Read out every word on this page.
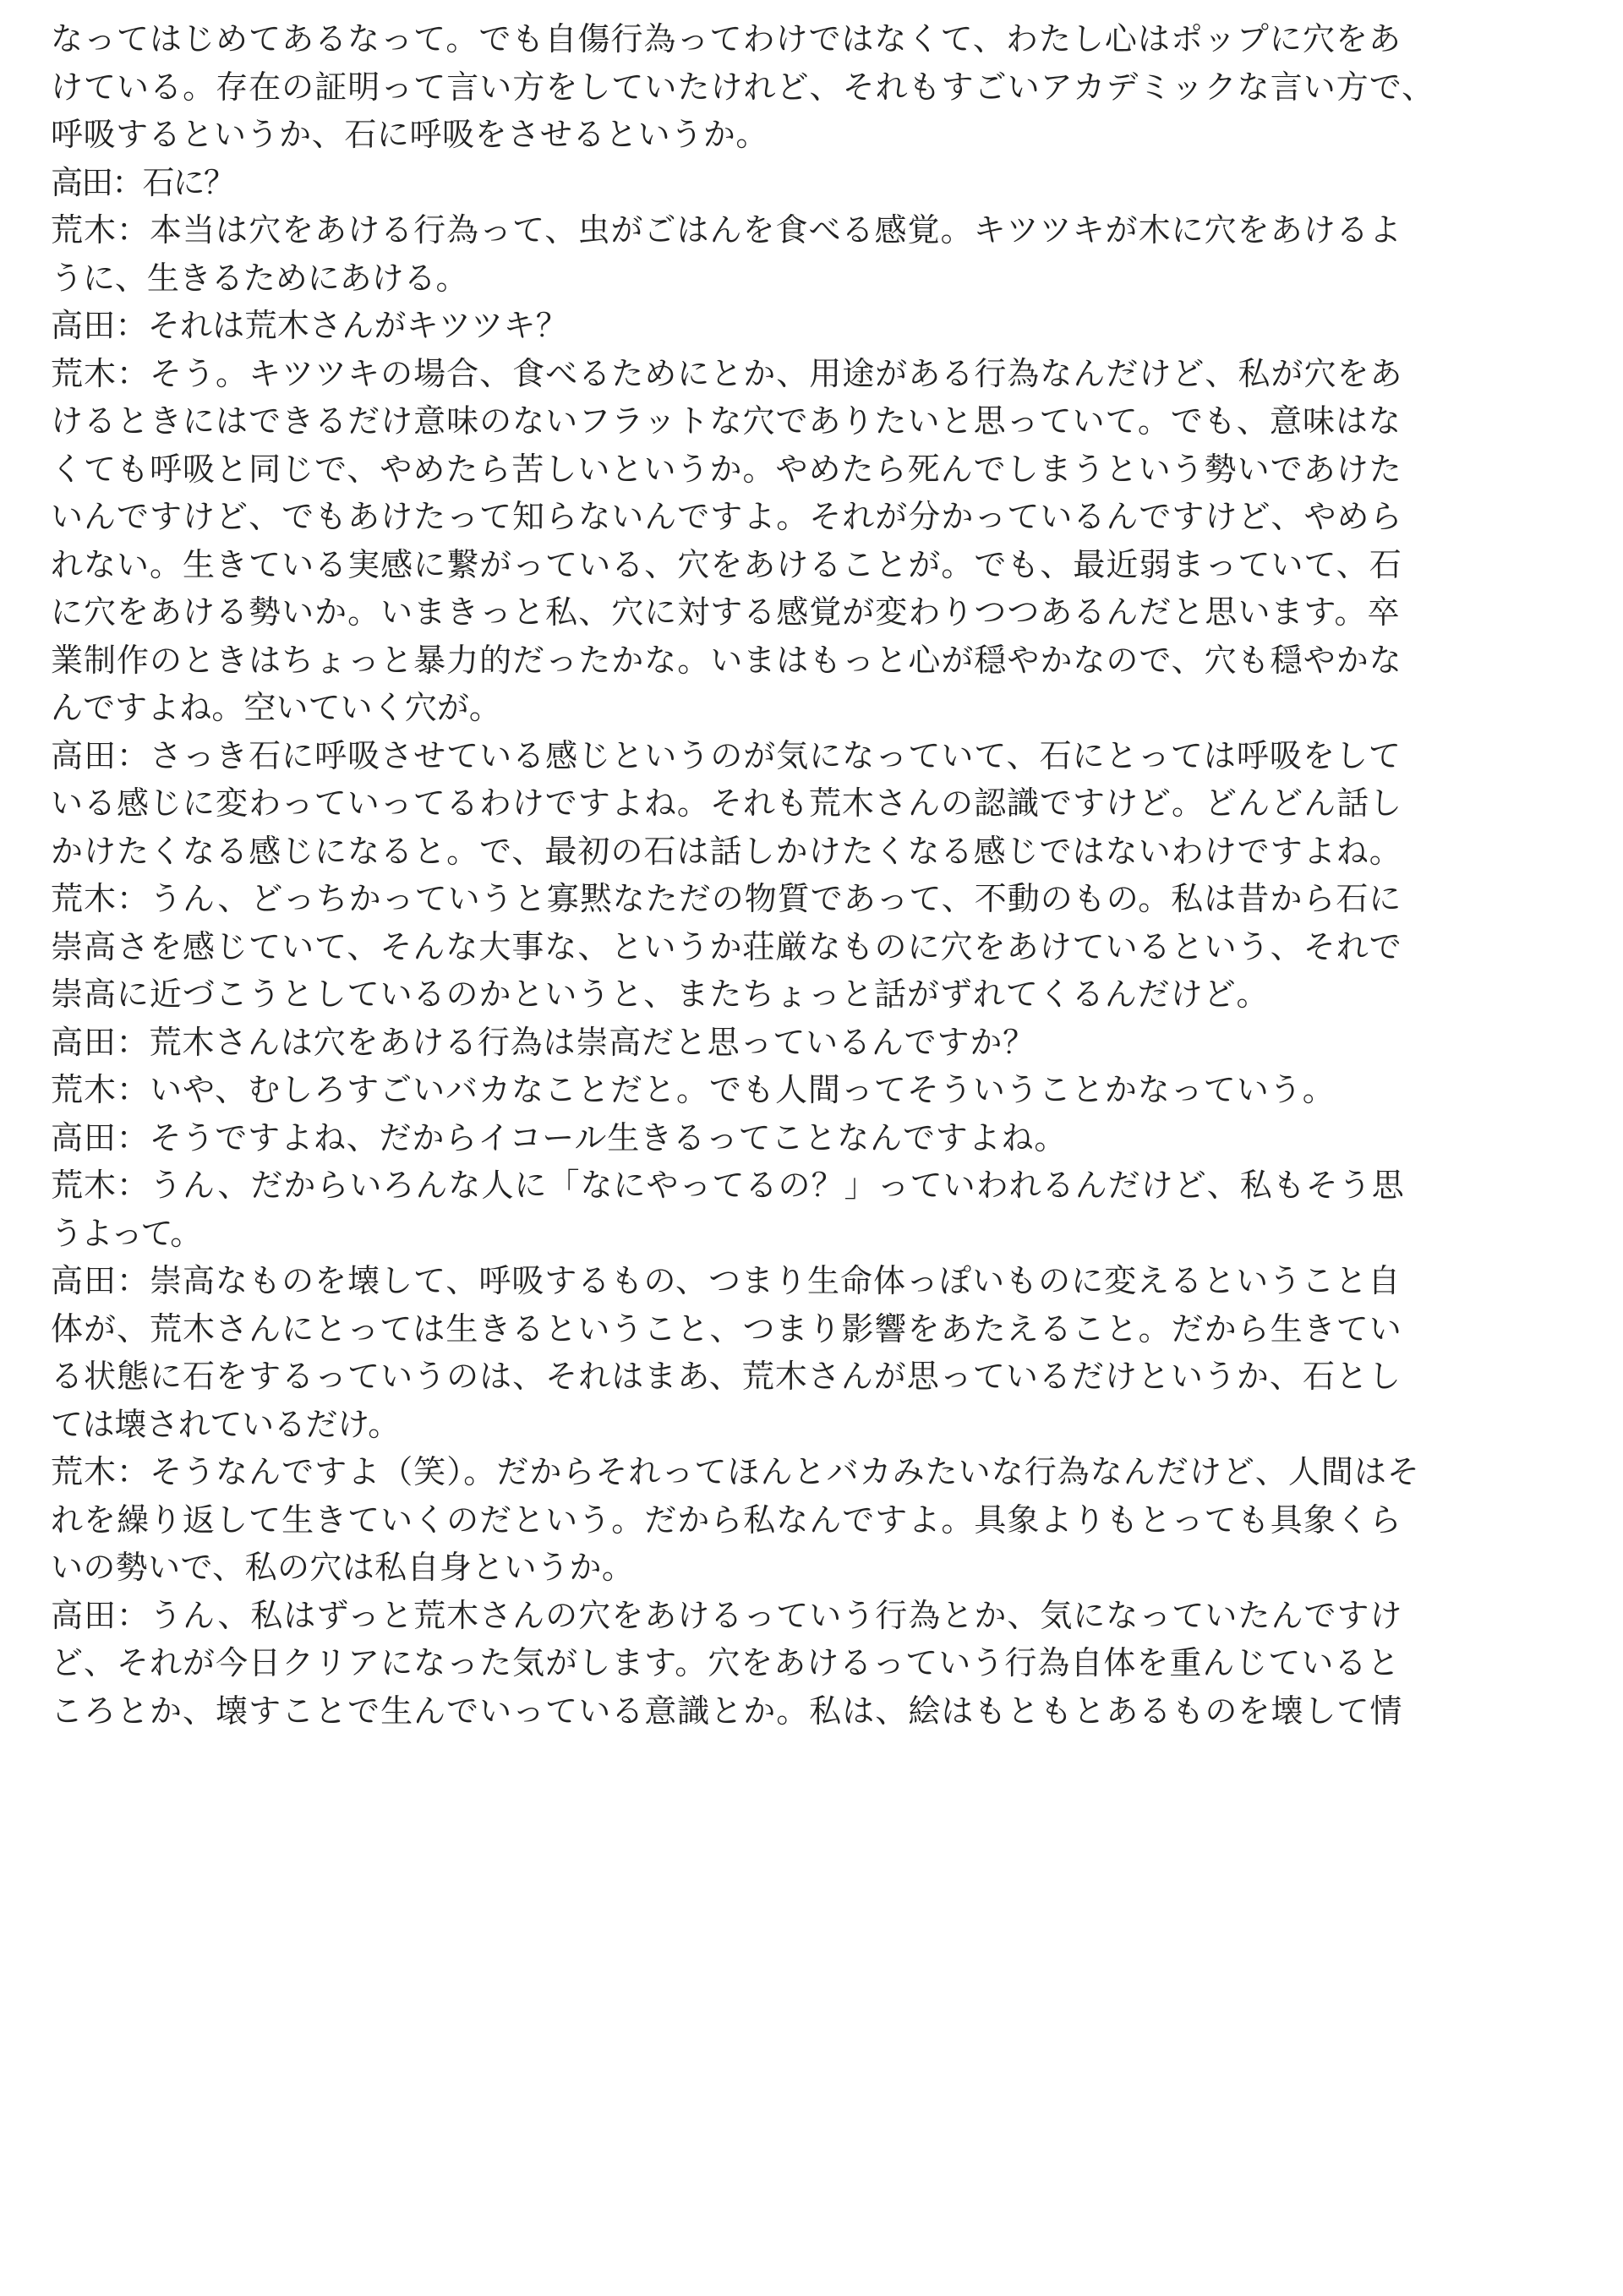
なってはじめてあるなって。でも自傷行為ってわけではなくて、わたし心はポップに穴をあ
けている。存在の証明って言い方をしていたけれど、それもすごいアカデミックな言い方で、
呼吸するというか、石に呼吸をさせるというか。
高田：石に？
荒木：本当は穴をあける行為って、虫がごはんを食べる感覚。キツツキが木に穴をあけるよ
うに、生きるためにあける。
高田：それは荒木さんがキツツキ？
荒木：そう。キツツキの場合、食べるためにとか、用途がある行為なんだけど、私が穴をあ
けるときにはできるだけ意味のないフラットな穴でありたいと思っていて。でも、意味はな
くても呼吸と同じで、やめたら苦しいというか。やめたら死んでしまうという勢いであけた
いんですけど、でもあけたって知らないんですよ。それが分かっているんですけど、やめら
れない。生きている実感に繋がっている、穴をあけることが。でも、最近弱まっていて、石
に穴をあける勢いか。いまきっと私、穴に対する感覚が変わりつつあるんだと思います。卒
業制作のときはちょっと暴力的だったかな。いまはもっと心が穏やかなので、穴も穏やかな
んですよね。空いていく穴が。
高田：さっき石に呼吸させている感じというのが気になっていて、石にとっては呼吸をして
いる感じに変わっていってるわけですよね。それも荒木さんの認識ですけど。どんどん話し
かけたくなる感じになると。で、最初の石は話しかけたくなる感じではないわけですよね。
荒木：うん、どっちかっていうと寡黙なただの物質であって、不動のもの。私は昔から石に
崇高さを感じていて、そんな大事な、というか荘厳なものに穴をあけているという、それで
崇高に近づこうとしているのかというと、またちょっと話がずれてくるんだけど。
高田：荒木さんは穴をあける行為は崇高だと思っているんですか？
荒木：いや、むしろすごいバカなことだと。でも人間ってそういうことかなっていう。
高田：そうですよね、だからイコール生きるってことなんですよね。
荒木：うん、だからいろんな人に「なにやってるの？」っていわれるんだけど、私もそう思
うよって。
高田：崇高なものを壊して、呼吸するもの、つまり生命体っぽいものに変えるということ自
体が、荒木さんにとっては生きるということ、つまり影響をあたえること。だから生きてい
る状態に石をするっていうのは、それはまあ、荒木さんが思っているだけというか、石とし
ては壊されているだけ。
荒木：そうなんですよ（笑）。だからそれってほんとバカみたいな行為なんだけど、人間はそ
れを繰り返して生きていくのだという。だから私なんですよ。具象よりもとっても具象くら
いの勢いで、私の穴は私自身というか。
高田：うん、私はずっと荒木さんの穴をあけるっていう行為とか、気になっていたんですけ
ど、それが今日クリアになった気がします。穴をあけるっていう行為自体を重んじていると
ころとか、壊すことで生んでいっている意識とか。私は、絵はもともとあるものを壊して情
